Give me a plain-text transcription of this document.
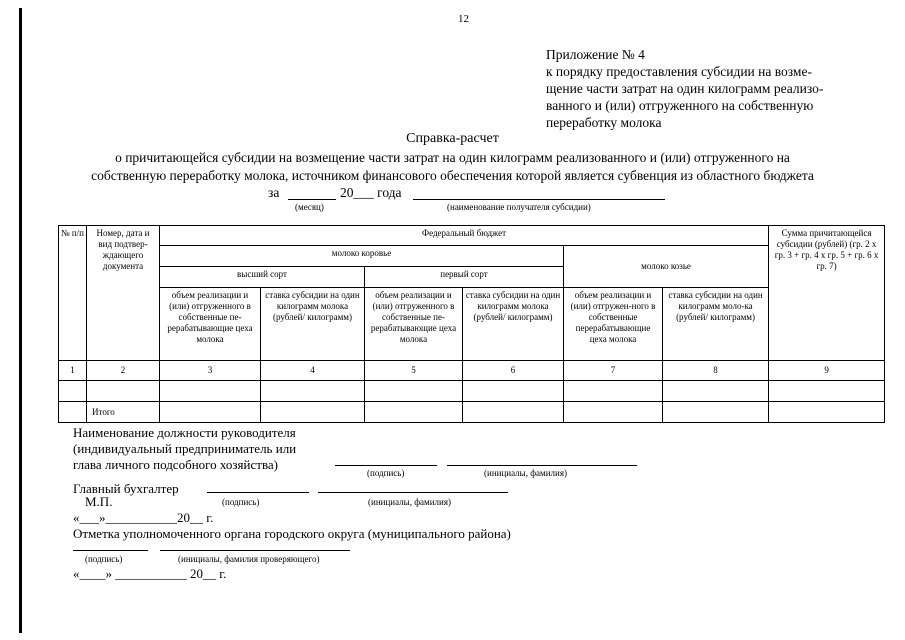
12
Приложение № 4
к порядку предоставления субсидии на возме-
щение части затрат на один килограмм реализо-
ванного и (или) отгруженного на собственную
переработку молока
Справка-расчет
о причитающейся субсидии на возмещение части затрат на один килограмм реализованного и (или) отгруженного на
собственную переработку молока, источником финансового обеспечения которой является субвенция из областного бюджета
за	20___ года
(месяц)	(наименование получателя субсидии)
№ п/п	Номер, дата и вид подтвер-ждающего документа	Федеральный бюджет						Сумма причитающейся субсидии (рублей) (гр. 2 х гр. 3 + гр. 4 х гр. 5 + гр. 6 х гр. 7)
		молоко коровье				молоко козье		
		высший сорт		первый сорт				
		объем реализации и (или) отгруженного в собственные пе-рерабатывающие цеха молока	ставка субсидии на один килограмм молока (рублей/ килограмм)	объем реализации и (или) отгруженного в собственные пе-рерабатывающие цеха молока	ставка субсидии на один килограмм молока (рублей/ килограмм)	объем реализации и (или) отгружен-ного в собственные перерабатывающие цеха молока	ставка субсидии на один килограмм моло-ка (рублей/ килограмм)	
1	2	3	4	5	6	7	8	9

	Итого							
Наименование должности руководителя
(индивидуальный предприниматель или
глава личного подсобного хозяйства)
(подпись)	(инициалы, фамилия)
Главный бухгалтер
М.П.	(подпись)	(инициалы, фамилия)
«___»___________20__ г.
Отметка уполномоченного органа городского округа (муниципального района)
(подпись)	(инициалы, фамилия проверяющего)
«____» ___________ 20__ г.
